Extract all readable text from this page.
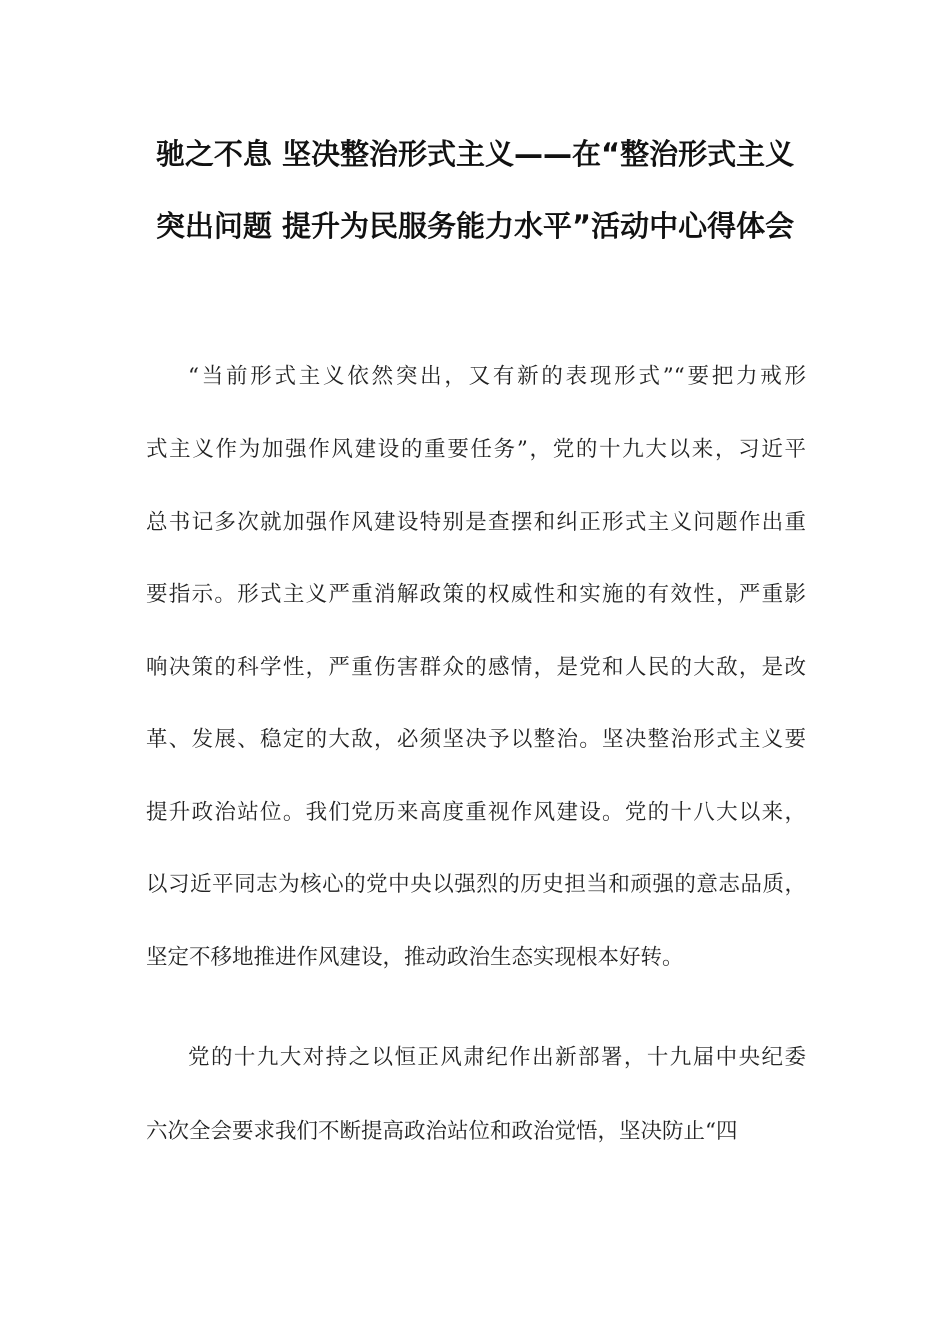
驰之不息 坚决整治形式主义——在“整治形式主义
突出问题 提升为民服务能力水平”活动中心得体会
“当前形式主义依然突出，又有新的表现形式”“要把力戒形
式主义作为加强作风建设的重要任务”，党的十九大以来，习近平
总书记多次就加强作风建设特别是查摆和纠正形式主义问题作出重
要指示。形式主义严重消解政策的权威性和实施的有效性，严重影
响决策的科学性，严重伤害群众的感情，是党和人民的大敌，是改
革、发展、稳定的大敌，必须坚决予以整治。坚决整治形式主义要
提升政治站位。我们党历来高度重视作风建设。党的十八大以来，
以习近平同志为核心的党中央以强烈的历史担当和顽强的意志品质，
坚定不移地推进作风建设，推动政治生态实现根本好转。
党的十九大对持之以恒正风肃纪作出新部署，十九届中央纪委
六次全会要求我们不断提高政治站位和政治觉悟，坚决防止“四
